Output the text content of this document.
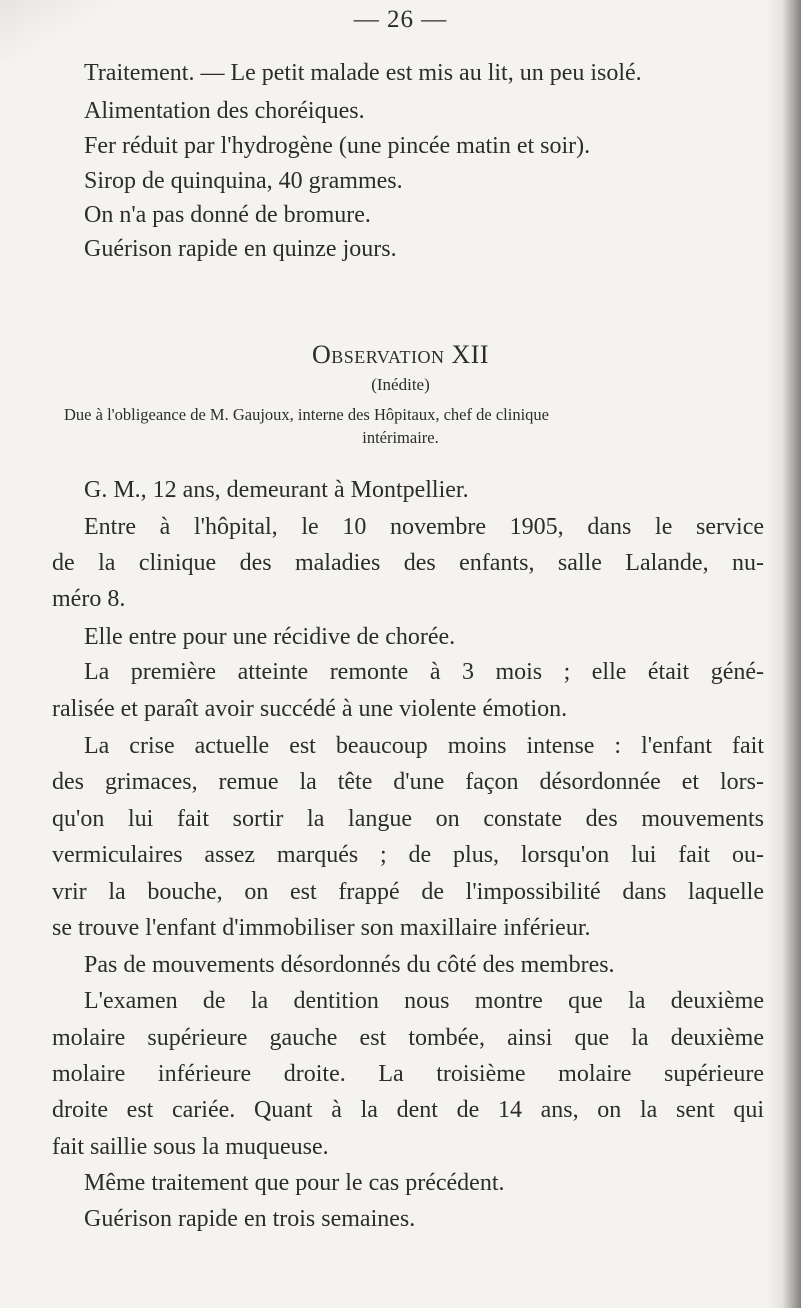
— 26 —
Traitement. — Le petit malade est mis au lit, un peu isolé.
Alimentation des choréiques.
Fer réduit par l'hydrogène (une pincée matin et soir).
Sirop de quinquina, 40 grammes.
On n'a pas donné de bromure.
Guérison rapide en quinze jours.
Observation XII
(Inédite)
Due à l'obligeance de M. Gaujoux, interne des Hôpitaux, chef de clinique
intérimaire.
G. M., 12 ans, demeurant à Montpellier.
Entre à l'hôpital, le 10 novembre 1905, dans le service
de la clinique des maladies des enfants, salle Lalande, nu-
méro 8.
Elle entre pour une récidive de chorée.
La première atteinte remonte à 3 mois ; elle était géné-
ralisée et paraît avoir succédé à une violente émotion.
La crise actuelle est beaucoup moins intense : l'enfant fait
des grimaces, remue la tête d'une façon désordonnée et lors-
qu'on lui fait sortir la langue on constate des mouvements
vermiculaires assez marqués ; de plus, lorsqu'on lui fait ou-
vrir la bouche, on est frappé de l'impossibilité dans laquelle
se trouve l'enfant d'immobiliser son maxillaire inférieur.
Pas de mouvements désordonnés du côté des membres.
L'examen de la dentition nous montre que la deuxième
molaire supérieure gauche est tombée, ainsi que la deuxième
molaire inférieure droite. La troisième molaire supérieure
droite est cariée. Quant à la dent de 14 ans, on la sent qui
fait saillie sous la muqueuse.
Même traitement que pour le cas précédent.
Guérison rapide en trois semaines.
